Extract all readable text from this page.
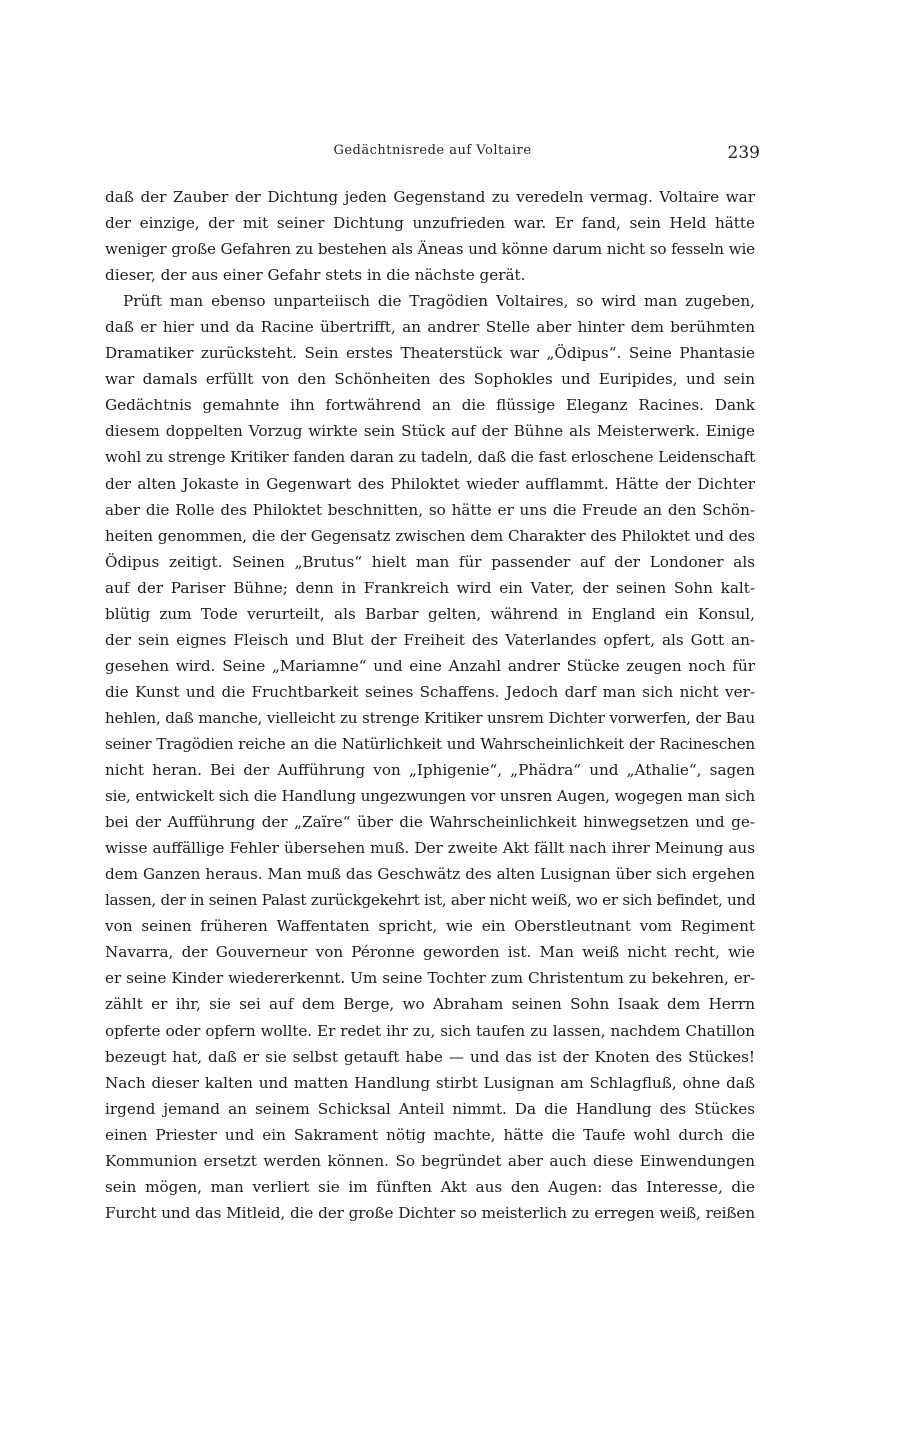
Gedächtnisrede auf Voltaire	239
daß der Zauber der Dichtung jeden Gegenstand zu veredeln vermag. Voltaire war
der einzige, der mit seiner Dichtung unzufrieden war. Er fand, sein Held hätte
weniger große Gefahren zu bestehen als Äneas und könne darum nicht so fesseln wie
dieser, der aus einer Gefahr stets in die nächste gerät.
Prüft man ebenso unparteiisch die Tragödien Voltaires, so wird man zugeben,
daß er hier und da Racine übertrifft, an andrer Stelle aber hinter dem berühmten
Dramatiker zurücksteht. Sein erstes Theaterstück war „Ödipus“. Seine Phantasie
war damals erfüllt von den Schönheiten des Sophokles und Euripides, und sein
Gedächtnis gemahnte ihn fortwährend an die flüssige Eleganz Racines. Dank
diesem doppelten Vorzug wirkte sein Stück auf der Bühne als Meisterwerk. Einige
wohl zu strenge Kritiker fanden daran zu tadeln, daß die fast erloschene Leidenschaft
der alten Jokaste in Gegenwart des Philoktet wieder aufflammt. Hätte der Dichter
aber die Rolle des Philoktet beschnitten, so hätte er uns die Freude an den Schön-
heiten genommen, die der Gegensatz zwischen dem Charakter des Philoktet und des
Ödipus zeitigt. Seinen „Brutus“ hielt man für passender auf der Londoner als
auf der Pariser Bühne; denn in Frankreich wird ein Vater, der seinen Sohn kalt-
blütig zum Tode verurteilt, als Barbar gelten, während in England ein Konsul,
der sein eignes Fleisch und Blut der Freiheit des Vaterlandes opfert, als Gott an-
gesehen wird. Seine „Mariamne“ und eine Anzahl andrer Stücke zeugen noch für
die Kunst und die Fruchtbarkeit seines Schaffens. Jedoch darf man sich nicht ver-
hehlen, daß manche, vielleicht zu strenge Kritiker unsrem Dichter vorwerfen, der Bau
seiner Tragödien reiche an die Natürlichkeit und Wahrscheinlichkeit der Racineschen
nicht heran. Bei der Aufführung von „Iphigenie“, „Phädra“ und „Athalie“, sagen
sie, entwickelt sich die Handlung ungezwungen vor unsren Augen, wogegen man sich
bei der Aufführung der „Zaïre“ über die Wahrscheinlichkeit hinwegsetzen und ge-
wisse auffällige Fehler übersehen muß. Der zweite Akt fällt nach ihrer Meinung aus
dem Ganzen heraus. Man muß das Geschwätz des alten Lusignan über sich ergehen
lassen, der in seinen Palast zurückgekehrt ist, aber nicht weiß, wo er sich befindet, und
von seinen früheren Waffentaten spricht, wie ein Oberstleutnant vom Regiment
Navarra, der Gouverneur von Péronne geworden ist. Man weiß nicht recht, wie
er seine Kinder wiedererkennt. Um seine Tochter zum Christentum zu bekehren, er-
zählt er ihr, sie sei auf dem Berge, wo Abraham seinen Sohn Isaak dem Herrn
opferte oder opfern wollte. Er redet ihr zu, sich taufen zu lassen, nachdem Chatillon
bezeugt hat, daß er sie selbst getauft habe — und das ist der Knoten des Stückes!
Nach dieser kalten und matten Handlung stirbt Lusignan am Schlagfluß, ohne daß
irgend jemand an seinem Schicksal Anteil nimmt. Da die Handlung des Stückes
einen Priester und ein Sakrament nötig machte, hätte die Taufe wohl durch die
Kommunion ersetzt werden können. So begründet aber auch diese Einwendungen
sein mögen, man verliert sie im fünften Akt aus den Augen: das Interesse, die
Furcht und das Mitleid, die der große Dichter so meisterlich zu erregen weiß, reißen
